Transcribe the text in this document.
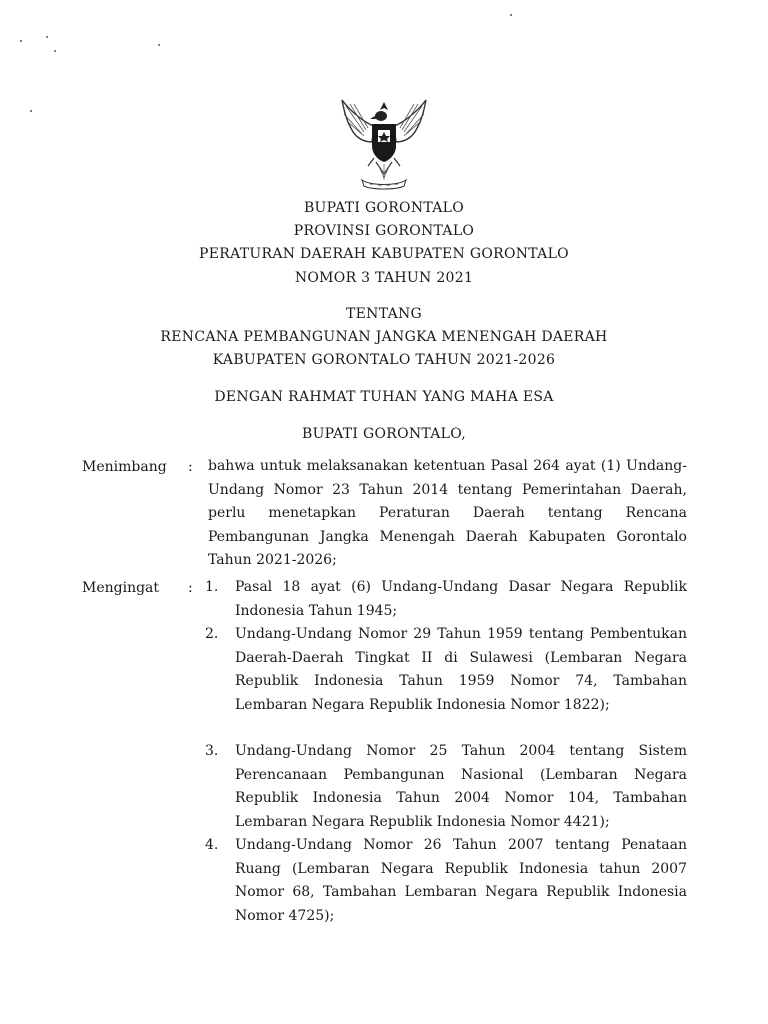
BUPATI GORONTALO
PROVINSI GORONTALO
PERATURAN DAERAH KABUPATEN GORONTALO
NOMOR 3 TAHUN 2021
TENTANG
RENCANA PEMBANGUNAN JANGKA MENENGAH DAERAH
KABUPATEN GORONTALO TAHUN 2021-2026
DENGAN RAHMAT TUHAN YANG MAHA ESA
BUPATI GORONTALO,
Menimbang : bahwa untuk melaksanakan ketentuan Pasal 264 ayat (1) Undang-Undang Nomor 23 Tahun 2014 tentang Pemerintahan Daerah, perlu menetapkan Peraturan Daerah tentang Rencana Pembangunan Jangka Menengah Daerah Kabupaten Gorontalo Tahun 2021-2026;
Mengingat : 1.	Pasal 18 ayat (6) Undang-Undang Dasar Negara Republik Indonesia Tahun 1945;
2.	Undang-Undang Nomor 29 Tahun 1959 tentang Pembentukan Daerah-Daerah Tingkat II di Sulawesi (Lembaran Negara Republik Indonesia Tahun 1959 Nomor 74, Tambahan Lembaran Negara Republik Indonesia Nomor 1822);
3.	Undang-Undang Nomor 25 Tahun 2004 tentang Sistem Perencanaan Pembangunan Nasional (Lembaran Negara Republik Indonesia Tahun 2004 Nomor 104, Tambahan Lembaran Negara Republik Indonesia Nomor 4421);
4.	Undang-Undang Nomor 26 Tahun 2007 tentang Penataan Ruang (Lembaran Negara Republik Indonesia tahun 2007 Nomor 68, Tambahan Lembaran Negara Republik Indonesia Nomor 4725);
